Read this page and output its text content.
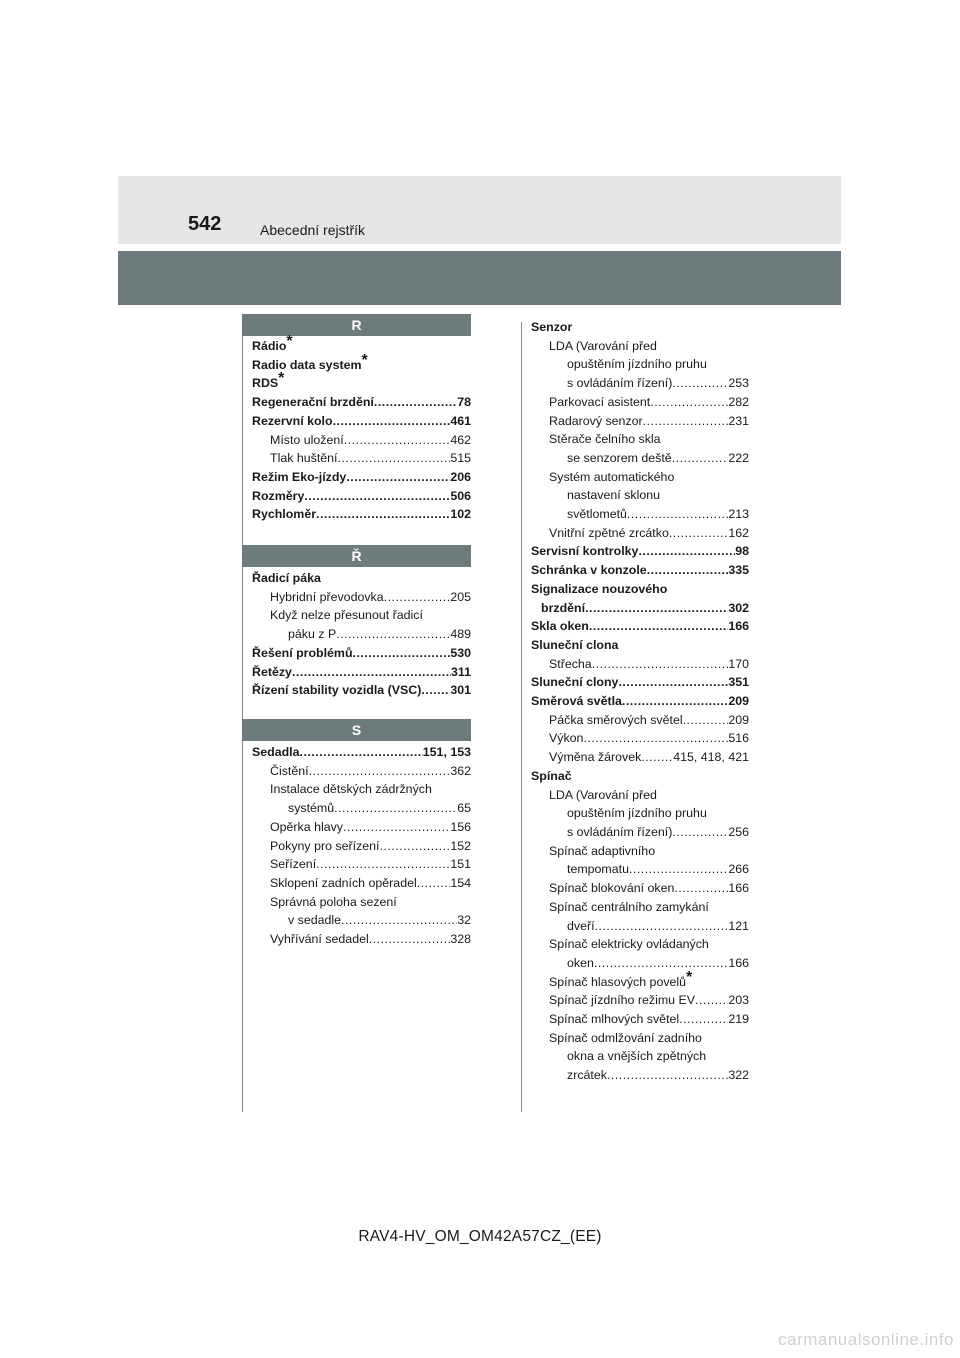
542	Abecední rejstřík
R
Rádio*
Radio data system*
RDS*
Regenerační brzdění .....	78
Rezervní kolo .....	461
Místo uložení .....	462
Tlak huštění .....	515
Režim Eko-jízdy .....	206
Rozměry .....	506
Rychloměr .....	102
Ř
Řadicí páka
Hybridní převodovka .....	205
Když nelze přesunout řadicí
páku z P .....	489
Řešení problémů .....	530
Řetězy .....	311
Řízení stability vozidla (VSC) ..... 301
S
Sedadla .....	151, 153
Čistění .....	362
Instalace dětských zádržných
systémů .....	65
Opěrka hlavy .....	156
Pokyny pro seřízení .....	152
Seřízení .....	151
Sklopení zadních opěradel .....	154
Správná poloha sezení
v sedadle .....	32
Vyhřívání sedadel .....	328
Senzor
LDA (Varování před
opuštěním jízdního pruhu
s ovládáním řízení) .....	253
Parkovací asistent .....	282
Radarový senzor .....	231
Stěrače čelního skla
se senzorem deště .....	222
Systém automatického
nastavení sklonu
světlometů .....	213
Vnitřní zpětné zrcátko .....	162
Servisní kontrolky .....	98
Schránka v konzole .....	335
Signalizace nouzového
brzdění .....	302
Skla oken .....	166
Sluneční clona
Střecha .....	170
Sluneční clony .....	351
Směrová světla .....	209
Páčka směrových světel .....	209
Výkon .....	516
Výměna žárovek .....	415, 418, 421
Spínač
LDA (Varování před
opuštěním jízdního pruhu
s ovládáním řízení) .....	256
Spínač adaptivního
tempomatu .....	266
Spínač blokování oken .....	166
Spínač centrálního zamykání
dveří .....	121
Spínač elektricky ovládaných
oken .....	166
Spínač hlasových povelů*
Spínač jízdního režimu EV .....	203
Spínač mlhových světel .....	219
Spínač odmlžování zadního
okna a vnějších zpětných
zrcátek .....	322
RAV4-HV_OM_OM42A57CZ_(EE)
carmanualsonline.info
